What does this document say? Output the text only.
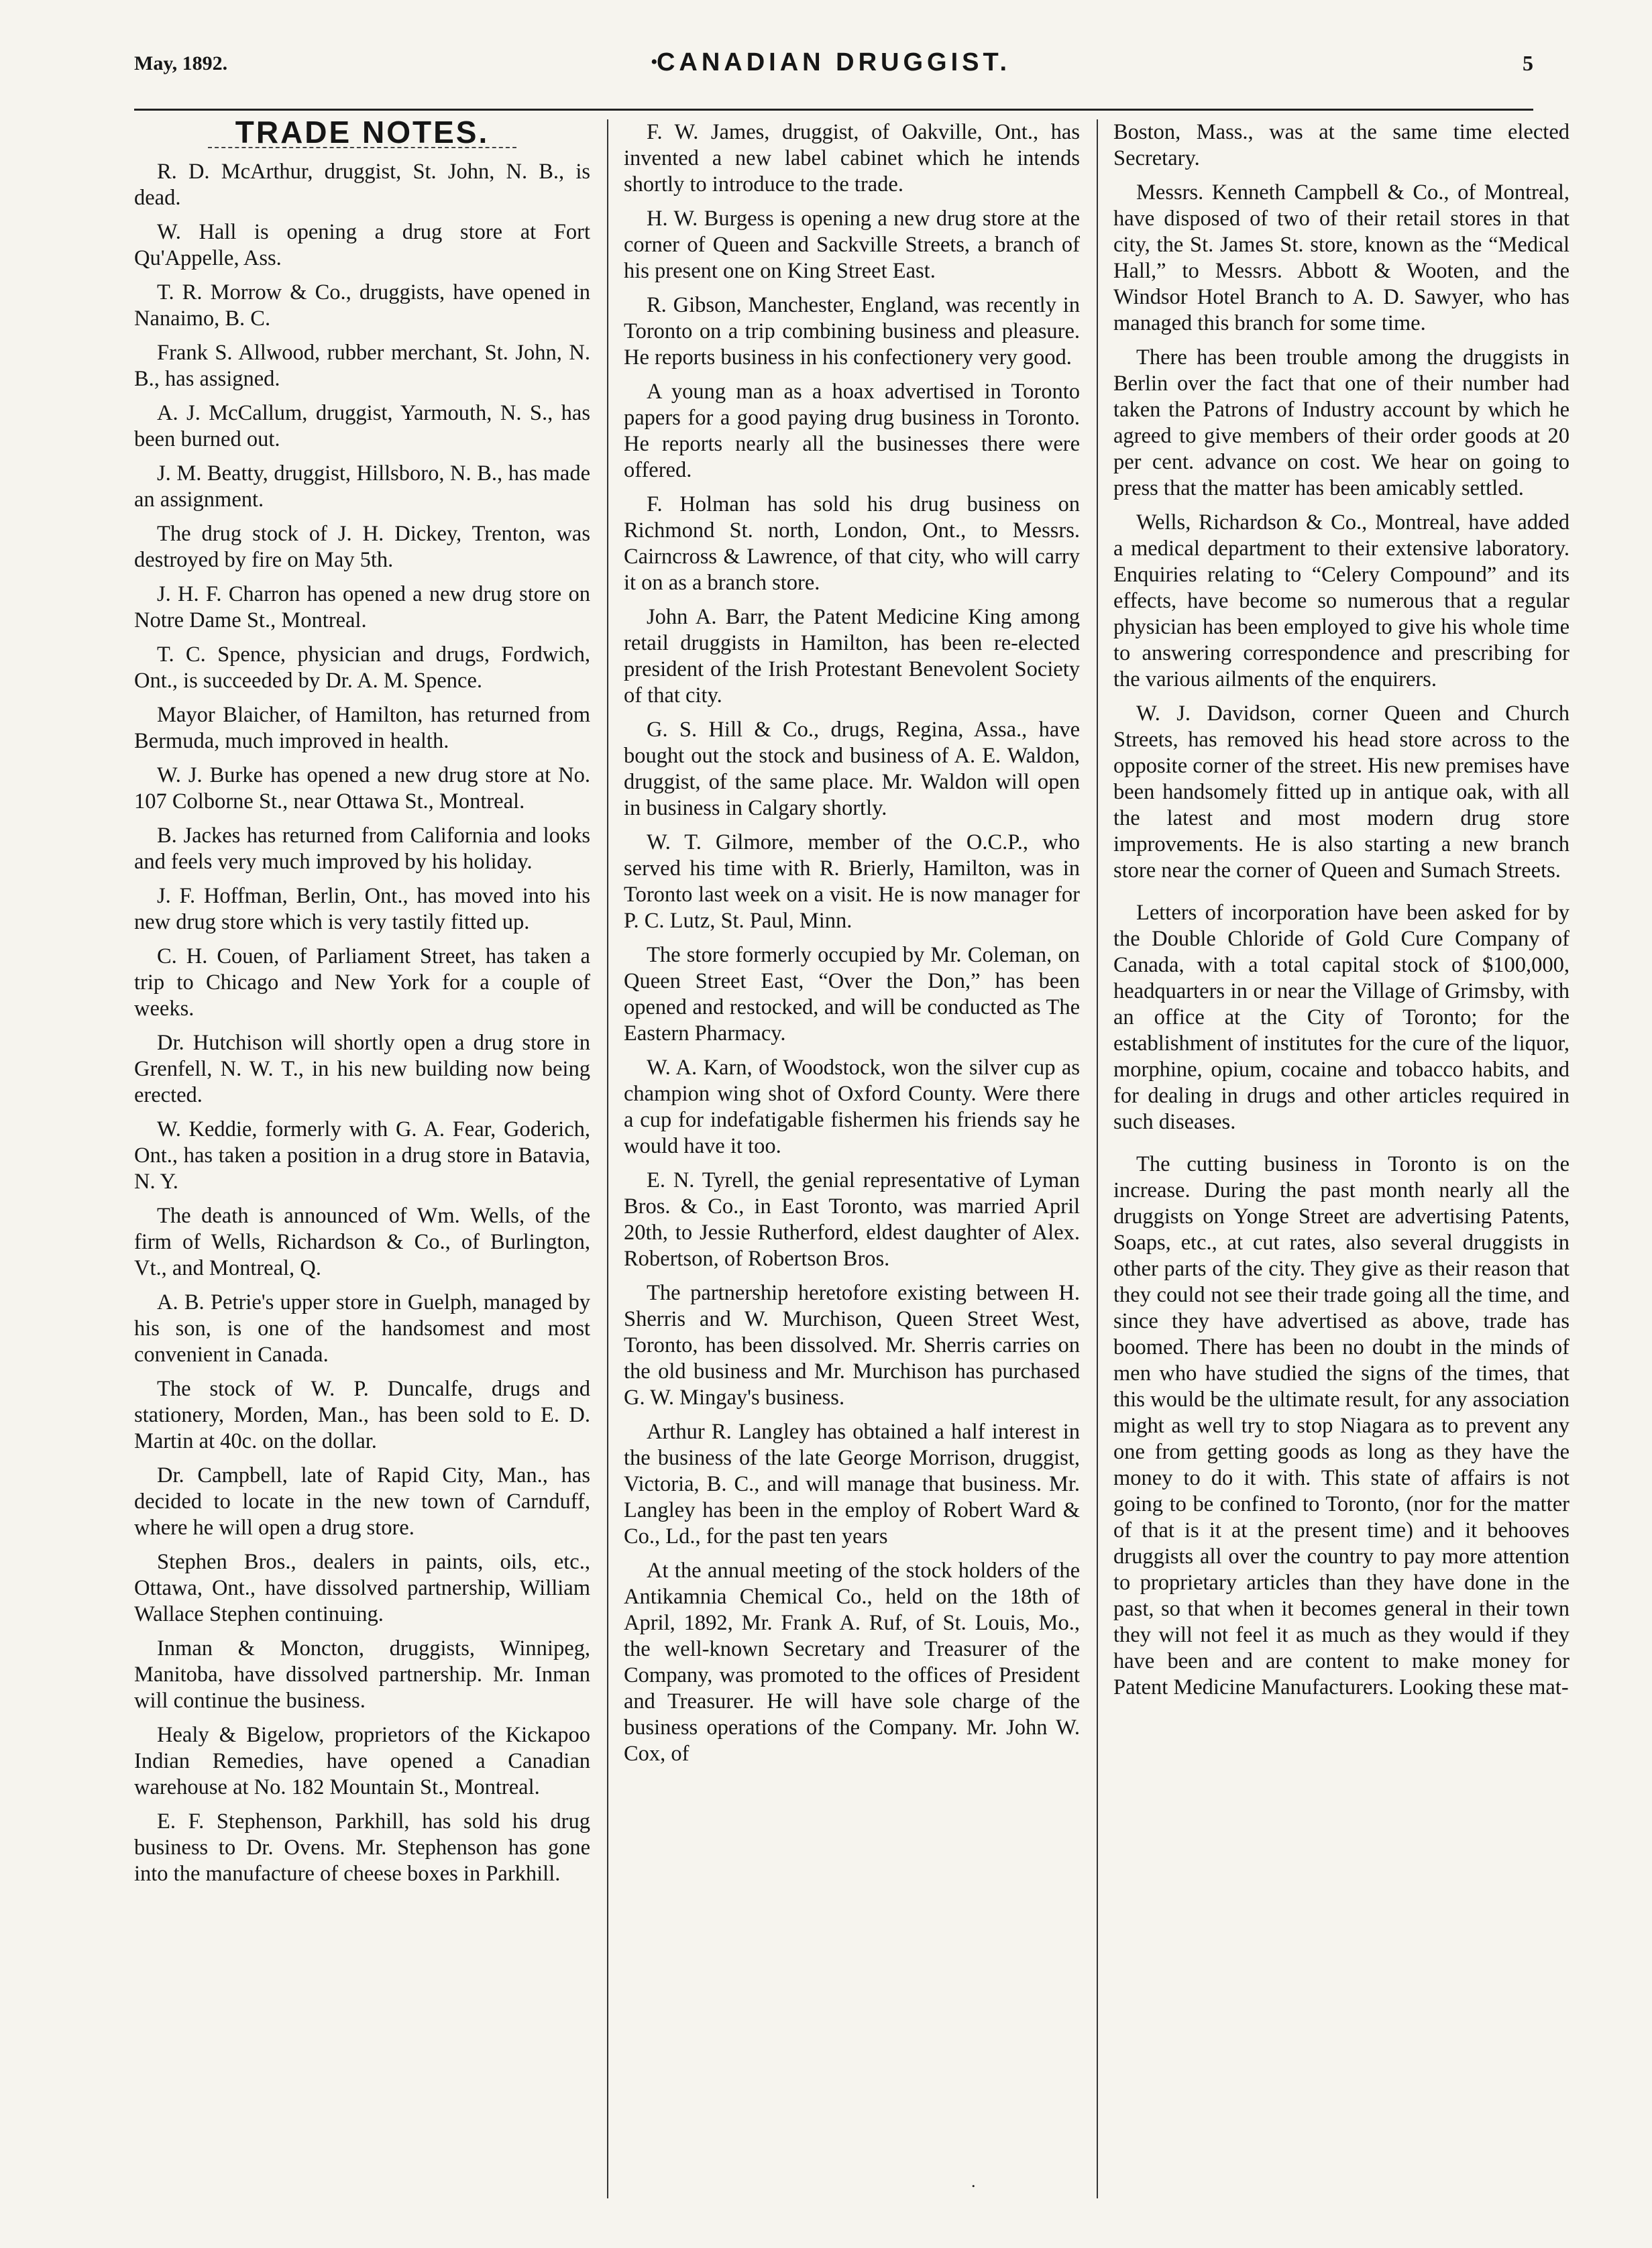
May, 1892.	•
CANADIAN DRUGGIST.	5
TRADE NOTES.

R. D. McArthur, druggist, St. John, N. B., is dead.

W. Hall is opening a drug store at Fort Qu'Appelle, Ass.

T. R. Morrow & Co., druggists, have opened in Nanaimo, B. C.

Frank S. Allwood, rubber merchant, St. John, N. B., has assigned.

A. J. McCallum, druggist, Yarmouth, N. S., has been burned out.

J. M. Beatty, druggist, Hillsboro, N. B., has made an assignment.

The drug stock of J. H. Dickey, Trenton, was destroyed by fire on May 5th.

J. H. F. Charron has opened a new drug store on Notre Dame St., Montreal.

T. C. Spence, physician and drugs, Fordwich, Ont., is succeeded by Dr. A. M. Spence.

Mayor Blaicher, of Hamilton, has returned from Bermuda, much improved in health.

W. J. Burke has opened a new drug store at No. 107 Colborne St., near Ottawa St., Montreal.

B. Jackes has returned from California and looks and feels very much improved by his holiday.

J. F. Hoffman, Berlin, Ont., has moved into his new drug store which is very tastily fitted up.

C. H. Couen, of Parliament Street, has taken a trip to Chicago and New York for a couple of weeks.

Dr. Hutchison will shortly open a drug store in Grenfell, N. W. T., in his new building now being erected.

W. Keddie, formerly with G. A. Fear, Goderich, Ont., has taken a position in a drug store in Batavia, N. Y.

The death is announced of Wm. Wells, of the firm of Wells, Richardson & Co., of Burlington, Vt., and Montreal, Q.

A. B. Petrie's upper store in Guelph, managed by his son, is one of the handsomest and most convenient in Canada.

The stock of W. P. Duncalfe, drugs and stationery, Morden, Man., has been sold to E. D. Martin at 40c. on the dollar.

Dr. Campbell, late of Rapid City, Man., has decided to locate in the new town of Carnduff, where he will open a drug store.

Stephen Bros., dealers in paints, oils, etc., Ottawa, Ont., have dissolved partnership, William Wallace Stephen continuing.

Inman & Moncton, druggists, Winnipeg, Manitoba, have dissolved partnership. Mr. Inman will continue the business.

Healy & Bigelow, proprietors of the Kickapoo Indian Remedies, have opened a Canadian warehouse at No. 182 Mountain St., Montreal.

E. F. Stephenson, Parkhill, has sold his drug business to Dr. Ovens. Mr. Stephenson has gone into the manufacture of cheese boxes in Parkhill.

F. W. James, druggist, of Oakville, Ont., has invented a new label cabinet which he intends shortly to introduce to the trade.

H. W. Burgess is opening a new drug store at the corner of Queen and Sackville Streets, a branch of his present one on King Street East.

R. Gibson, Manchester, England, was recently in Toronto on a trip combining business and pleasure. He reports business in his confectionery very good.

A young man as a hoax advertised in Toronto papers for a good paying drug business in Toronto. He reports nearly all the businesses there were offered.

F. Holman has sold his drug business on Richmond St. north, London, Ont., to Messrs. Cairncross & Lawrence, of that city, who will carry it on as a branch store.

John A. Barr, the Patent Medicine King among retail druggists in Hamilton, has been re-elected president of the Irish Protestant Benevolent Society of that city.

G. S. Hill & Co., drugs, Regina, Assa., have bought out the stock and business of A. E. Waldon, druggist, of the same place. Mr. Waldon will open in business in Calgary shortly.

W. T. Gilmore, member of the O.C.P., who served his time with R. Brierly, Hamilton, was in Toronto last week on a visit. He is now manager for P. C. Lutz, St. Paul, Minn.

The store formerly occupied by Mr. Coleman, on Queen Street East, “Over the Don,” has been opened and restocked, and will be conducted as The Eastern Pharmacy.

W. A. Karn, of Woodstock, won the silver cup as champion wing shot of Oxford County. Were there a cup for indefatigable fishermen his friends say he would have it too.

E. N. Tyrell, the genial representative of Lyman Bros. & Co., in East Toronto, was married April 20th, to Jessie Rutherford, eldest daughter of Alex. Robertson, of Robertson Bros.

The partnership heretofore existing between H. Sherris and W. Murchison, Queen Street West, Toronto, has been dissolved. Mr. Sherris carries on the old business and Mr. Murchison has purchased G. W. Mingay's business.

Arthur R. Langley has obtained a half interest in the business of the late George Morrison, druggist, Victoria, B. C., and will manage that business. Mr. Langley has been in the employ of Robert Ward & Co., Ld., for the past ten years

At the annual meeting of the stock holders of the Antikamnia Chemical Co., held on the 18th of April, 1892, Mr. Frank A. Ruf, of St. Louis, Mo., the well-known Secretary and Treasurer of the Company, was promoted to the offices of President and Treasurer. He will have sole charge of the business operations of the Company. Mr. John W. Cox, of

Boston, Mass., was at the same time elected Secretary.

Messrs. Kenneth Campbell & Co., of Montreal, have disposed of two of their retail stores in that city, the St. James St. store, known as the “Medical Hall,” to Messrs. Abbott & Wooten, and the Windsor Hotel Branch to A. D. Sawyer, who has managed this branch for some time.

There has been trouble among the druggists in Berlin over the fact that one of their number had taken the Patrons of Industry account by which he agreed to give members of their order goods at 20 per cent. advance on cost. We hear on going to press that the matter has been amicably settled.

Wells, Richardson & Co., Montreal, have added a medical department to their extensive laboratory. Enquiries relating to “Celery Compound” and its effects, have become so numerous that a regular physician has been employed to give his whole time to answering correspondence and prescribing for the various ailments of the enquirers.

W. J. Davidson, corner Queen and Church Streets, has removed his head store across to the opposite corner of the street. His new premises have been handsomely fitted up in antique oak, with all the latest and most modern drug store improvements. He is also starting a new branch store near the corner of Queen and Sumach Streets.

Letters of incorporation have been asked for by the Double Chloride of Gold Cure Company of Canada, with a total capital stock of $100,000, headquarters in or near the Village of Grimsby, with an office at the City of Toronto; for the establishment of institutes for the cure of the liquor, morphine, opium, cocaine and tobacco habits, and for dealing in drugs and other articles required in such diseases.

The cutting business in Toronto is on the increase. During the past month nearly all the druggists on Yonge Street are advertising Patents, Soaps, etc., at cut rates, also several druggists in other parts of the city. They give as their reason that they could not see their trade going all the time, and since they have advertised as above, trade has boomed. There has been no doubt in the minds of men who have studied the signs of the times, that this would be the ultimate result, for any association might as well try to stop Niagara as to prevent any one from getting goods as long as they have the money to do it with. This state of affairs is not going to be confined to Toronto, (nor for the matter of that is it at the present time) and it behooves druggists all over the country to pay more attention to proprietary articles than they have done in the past, so that when it becomes general in their town they will not feel it as much as they would if they have been and are content to make money for Patent Medicine Manufacturers. Looking these mat-

.
